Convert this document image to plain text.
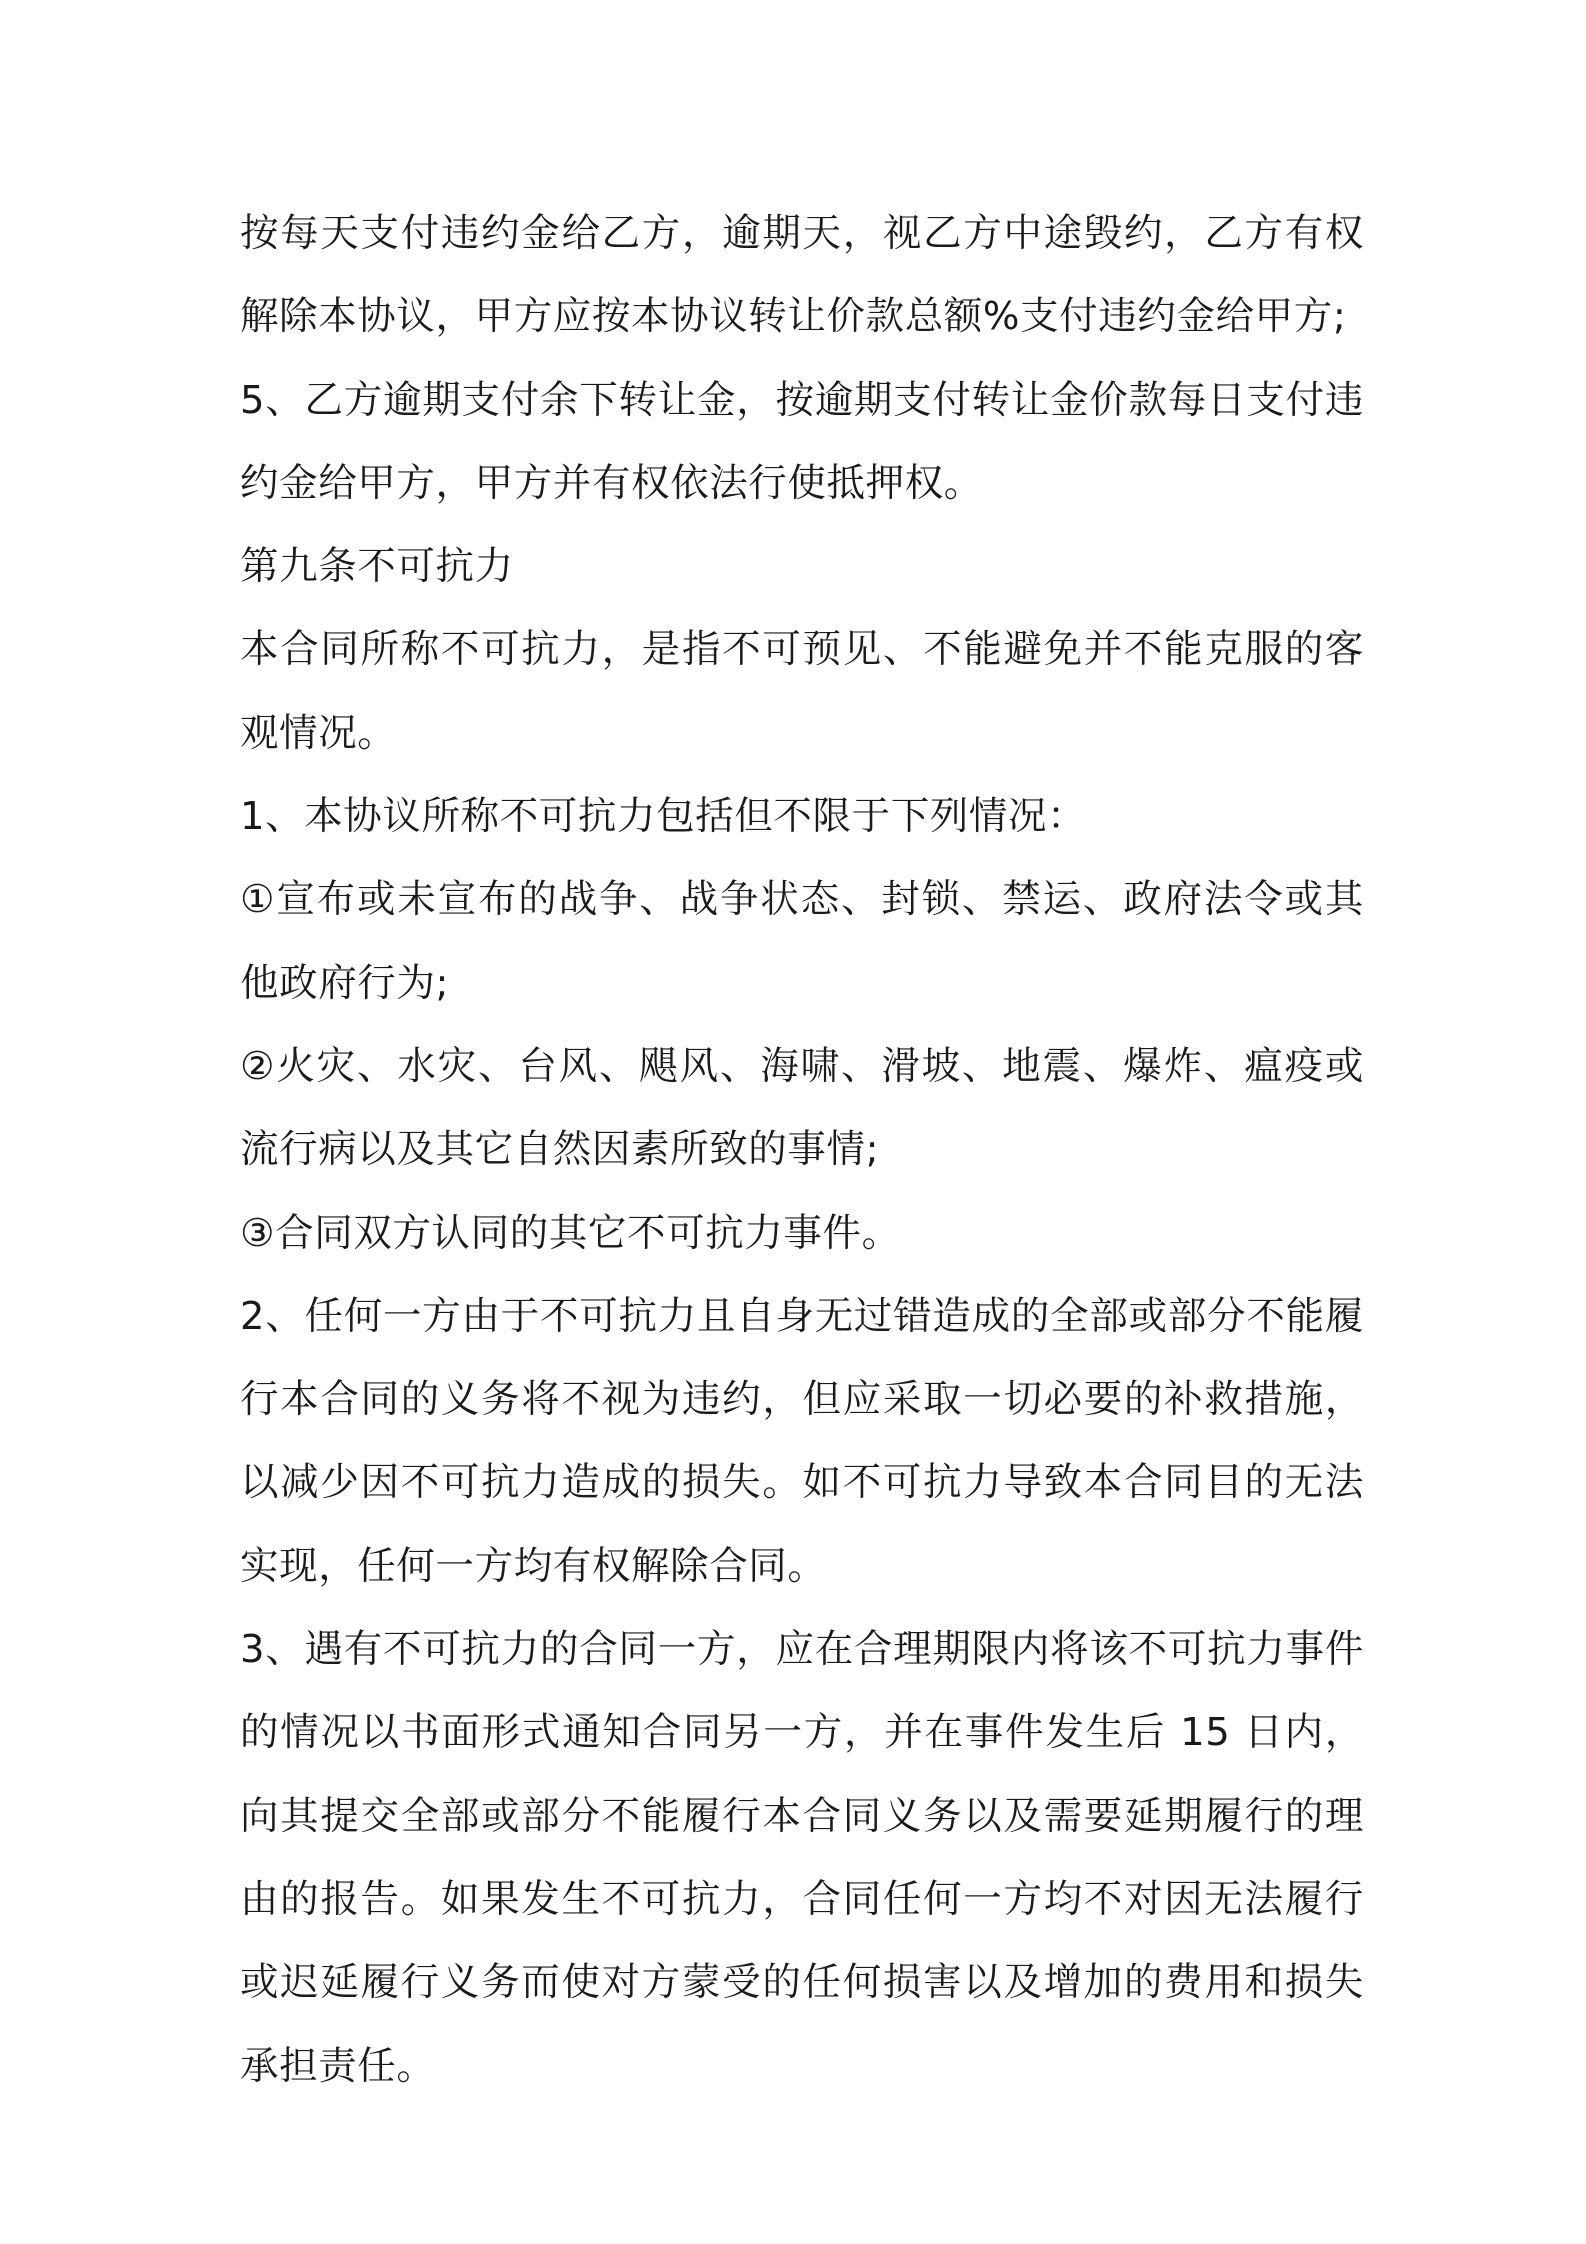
按每天支付违约金给乙方，逾期天，视乙方中途毁约，乙方有权解除本协议，甲方应按本协议转让价款总额%支付违约金给甲方;

5、乙方逾期支付余下转让金，按逾期支付转让金价款每日支付违约金给甲方，甲方并有权依法行使抵押权。

第九条不可抗力

本合同所称不可抗力，是指不可预见、不能避免并不能克服的客观情况。

1、本协议所称不可抗力包括但不限于下列情况：

①宣布或未宣布的战争、战争状态、封锁、禁运、政府法令或其他政府行为;

②火灾、水灾、台风、飓风、海啸、滑坡、地震、爆炸、瘟疫或流行病以及其它自然因素所致的事情;

③合同双方认同的其它不可抗力事件。

2、任何一方由于不可抗力且自身无过错造成的全部或部分不能履行本合同的义务将不视为违约，但应采取一切必要的补救措施，以减少因不可抗力造成的损失。如不可抗力导致本合同目的无法实现，任何一方均有权解除合同。

3、遇有不可抗力的合同一方，应在合理期限内将该不可抗力事件的情况以书面形式通知合同另一方，并在事件发生后 15 日内，向其提交全部或部分不能履行本合同义务以及需要延期履行的理由的报告。如果发生不可抗力，合同任何一方均不对因无法履行或迟延履行义务而使对方蒙受的任何损害以及增加的费用和损失承担责任。
